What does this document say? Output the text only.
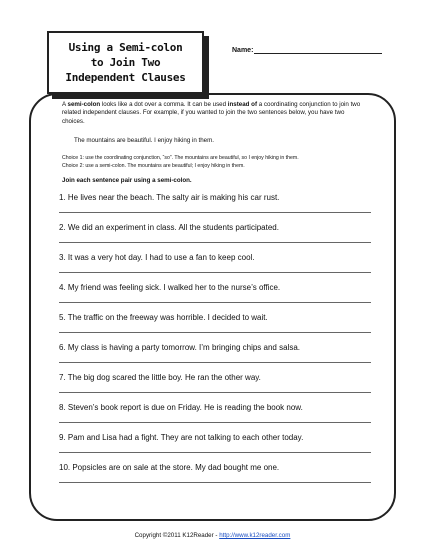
Using a Semi-colon
to Join Two
Independent Clauses
Name:
A semi-colon looks like a dot over a comma. It can be used instead of a coordinating conjunction to join two related independent clauses. For example, if you wanted to join the two sentences below, you have two choices.
The mountains are beautiful. I enjoy hiking in them.
Choice 1: use the coordinating conjunction, “so”. The mountains are beautiful, so I enjoy hiking in them.
Choice 2: use a semi-colon. The mountains are beautiful; I enjoy hiking in them.
Join each sentence pair using a semi-colon.
1. He lives near the beach. The salty air is making his car rust.
2. We did an experiment in class. All the students participated.
3. It was a very hot day. I had to use a fan to keep cool.
4. My friend was feeling sick. I walked her to the nurse’s office.
5. The traffic on the freeway was horrible. I decided to wait.
6. My class is having a party tomorrow. I’m bringing chips and salsa.
7. The big dog scared the little boy. He ran the other way.
8. Steven’s book report is due on Friday. He is reading the book now.
9. Pam and Lisa had a fight. They are not talking to each other today.
10. Popsicles are on sale at the store. My dad bought me one.
Copyright ©2011 K12Reader - http://www.k12reader.com
